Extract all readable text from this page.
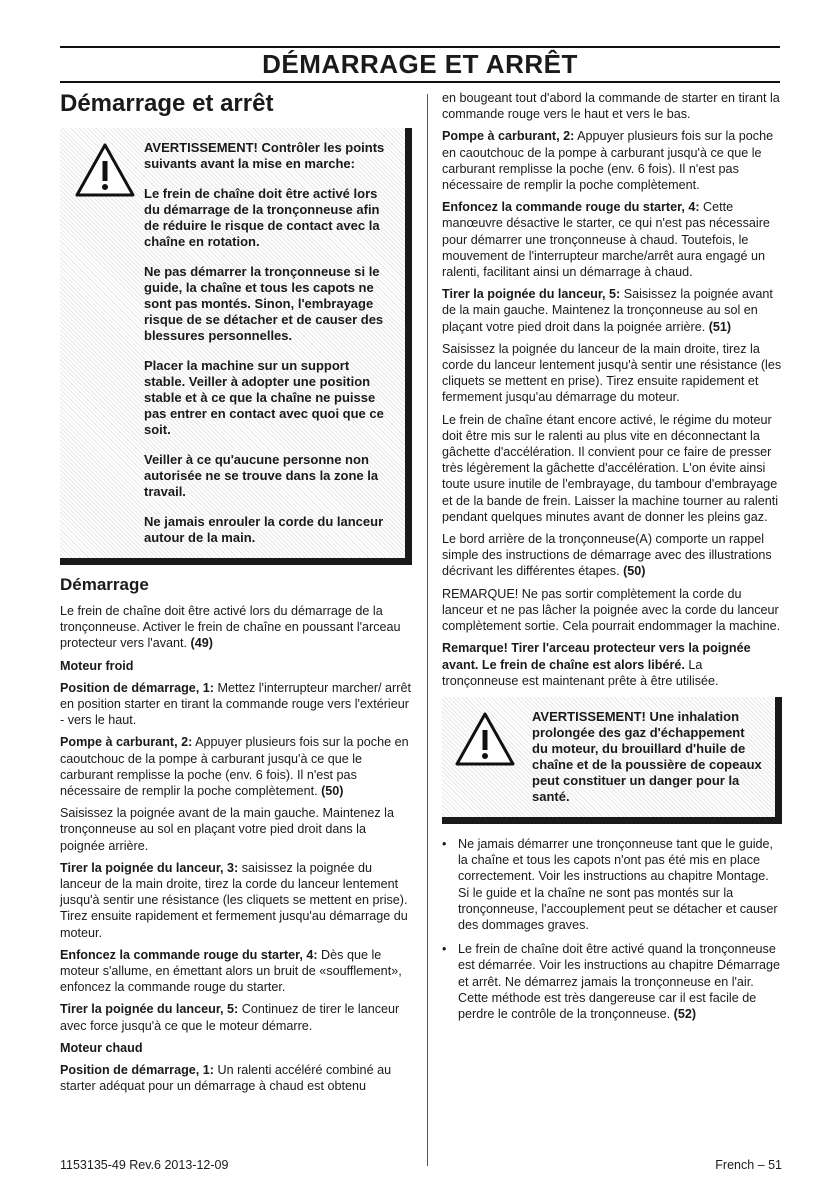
DÉMARRAGE ET ARRÊT
Démarrage et arrêt

AVERTISSEMENT! Contrôler les points suivants avant la mise en marche:

Le frein de chaîne doit être activé lors du démarrage de la tronçonneuse afin de réduire le risque de contact avec la chaîne en rotation.

Ne pas démarrer la tronçonneuse si le guide, la chaîne et tous les capots ne sont pas montés. Sinon, l'embrayage risque de se détacher et de causer des blessures personnelles.

Placer la machine sur un support stable. Veiller à adopter une position stable et à ce que la chaîne ne puisse pas entrer en contact avec quoi que ce soit.

Veiller à ce qu'aucune personne non autorisée ne se trouve dans la zone la travail.

Ne jamais enrouler la corde du lanceur autour de la main.

Démarrage

Le frein de chaîne doit être activé lors du démarrage de la tronçonneuse. Activer le frein de chaîne en poussant l'arceau protecteur vers l'avant. (49)

Moteur froid

Position de démarrage, 1: Mettez l'interrupteur marcher/ arrêt en position starter en tirant la commande rouge vers l'extérieur - vers le haut.

Pompe à carburant, 2: Appuyer plusieurs fois sur la poche en caoutchouc de la pompe à carburant jusqu'à ce que le carburant remplisse la poche (env. 6 fois). Il n'est pas nécessaire de remplir la poche complètement. (50)

Saisissez la poignée avant de la main gauche. Maintenez la tronçonneuse au sol en plaçant votre pied droit dans la poignée arrière.

Tirer la poignée du lanceur, 3: saisissez la poignée du lanceur de la main droite, tirez la corde du lanceur lentement jusqu'à sentir une résistance (les cliquets se mettent en prise). Tirez ensuite rapidement et fermement jusqu'au démarrage du moteur.

Enfoncez la commande rouge du starter, 4: Dès que le moteur s'allume, en émettant alors un bruit de «soufflement», enfoncez la commande rouge du starter.

Tirer la poignée du lanceur, 5: Continuez de tirer le lanceur avec force jusqu'à ce que le moteur démarre.

Moteur chaud

Position de démarrage, 1: Un ralenti accéléré combiné au starter adéquat pour un démarrage à chaud est obtenu

en bougeant tout d'abord la commande de starter en tirant la commande rouge vers le haut et vers le bas.

Pompe à carburant, 2: Appuyer plusieurs fois sur la poche en caoutchouc de la pompe à carburant jusqu'à ce que le carburant remplisse la poche (env. 6 fois). Il n'est pas nécessaire de remplir la poche complètement.

Enfoncez la commande rouge du starter, 4: Cette manœuvre désactive le starter, ce qui n'est pas nécessaire pour démarrer une tronçonneuse à chaud. Toutefois, le mouvement de l'interrupteur marche/arrêt aura engagé un ralenti, facilitant ainsi un démarrage à chaud.

Tirer la poignée du lanceur, 5: Saisissez la poignée avant de la main gauche. Maintenez la tronçonneuse au sol en plaçant votre pied droit dans la poignée arrière. (51)

Saisissez la poignée du lanceur de la main droite, tirez la corde du lanceur lentement jusqu'à sentir une résistance (les cliquets se mettent en prise). Tirez ensuite rapidement et fermement jusqu'au démarrage du moteur.

Le frein de chaîne étant encore activé, le régime du moteur doit être mis sur le ralenti au plus vite en déconnectant la gâchette d'accélération. Il convient pour ce faire de presser très légèrement la gâchette d'accélération. L'on évite ainsi toute usure inutile de l'embrayage, du tambour d'embrayage et de la bande de frein. Laisser la machine tourner au ralenti pendant quelques minutes avant de donner les pleins gaz.

Le bord arrière de la tronçonneuse(A) comporte un rappel simple des instructions de démarrage avec des illustrations décrivant les différentes étapes. (50)

REMARQUE! Ne pas sortir complètement la corde du lanceur et ne pas lâcher la poignée avec la corde du lanceur complètement sortie. Cela pourrait endommager la machine.

Remarque! Tirer l'arceau protecteur vers la poignée avant. Le frein de chaîne est alors libéré. La tronçonneuse est maintenant prête à être utilisée.

AVERTISSEMENT! Une inhalation prolongée des gaz d'échappement du moteur, du brouillard d'huile de chaîne et de la poussière de copeaux peut constituer un danger pour la santé.

• Ne jamais démarrer une tronçonneuse tant que le guide, la chaîne et tous les capots n'ont pas été mis en place correctement. Voir les instructions au chapitre Montage. Si le guide et la chaîne ne sont pas montés sur la tronçonneuse, l'accouplement peut se détacher et causer des dommages graves.
• Le frein de chaîne doit être activé quand la tronçonneuse est démarrée. Voir les instructions au chapitre Démarrage et arrêt. Ne démarrez jamais la tronçonneuse en l'air. Cette méthode est très dangereuse car il est facile de perdre le contrôle de la tronçonneuse. (52)
1153135-49 Rev.6 2013-12-09	French – 51
